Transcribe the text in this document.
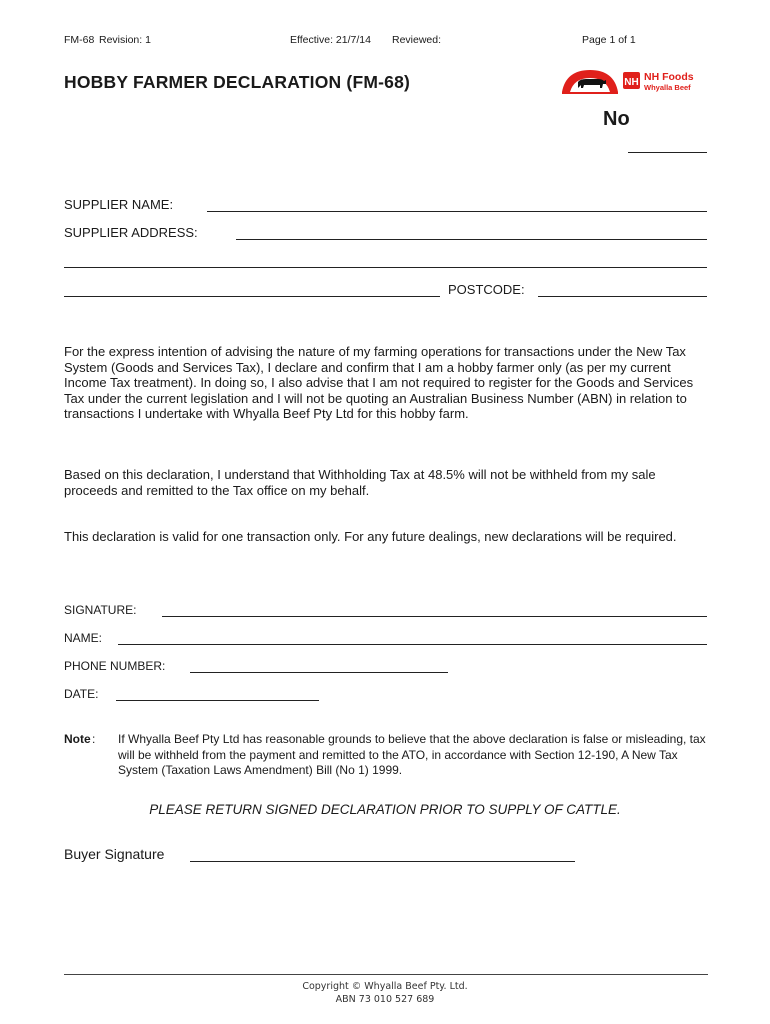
FM-68 Revision: 1	Effective: 21/7/14 Reviewed:	Page 1 of 1
HOBBY FARMER DECLARATION (FM-68)	NH NH Foods
Whyalla Beef
No
SUPPLIER NAME:
SUPPLIER ADDRESS:
POSTCODE:

For the express intention of advising the nature of my farming operations for transactions under the New Tax System (Goods and Services Tax), I declare and confirm that I am a hobby farmer only (as per my current Income Tax treatment). In doing so, I also advise that I am not required to register for the Goods and Services Tax under the current legislation and I will not be quoting an Australian Business Number (ABN) in relation to transactions I undertake with Whyalla Beef Pty Ltd for this hobby farm.

Based on this declaration, I understand that Withholding Tax at 48.5% will not be withheld from my sale proceeds and remitted to the Tax office on my behalf.

This declaration is valid for one transaction only. For any future dealings, new declarations will be required.

SIGNATURE:
NAME:
PHONE NUMBER:
DATE:
Note : If Whyalla Beef Pty Ltd has reasonable grounds to believe that the above declaration is false or misleading, tax will be withheld from the payment and remitted to the ATO, in accordance with Section 12-190, A New Tax System (Taxation Laws Amendment) Bill (No 1) 1999.

PLEASE RETURN SIGNED DECLARATION PRIOR TO SUPPLY OF CATTLE.
Buyer Signature
Copyright © Whyalla Beef Pty. Ltd.
ABN 73 010 527 689
